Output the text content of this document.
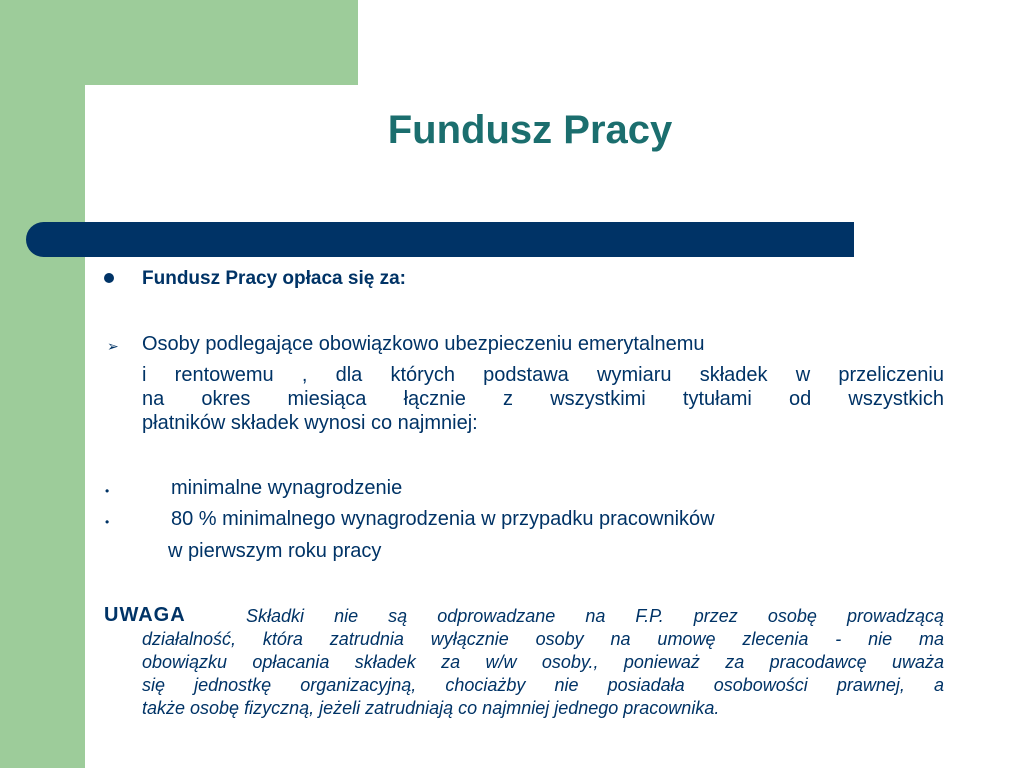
Fundusz Pracy
Fundusz Pracy opłaca się za:
➢ Osoby podlegające obowiązkowo ubezpieczeniu emerytalnemu
i rentowemu , dla których podstawa wymiaru składek w przeliczeniu
na okres miesiąca łącznie z wszystkimi tytułami od wszystkich
płatników składek wynosi co najmniej:
•	minimalne wynagrodzenie
•	80 % minimalnego wynagrodzenia w przypadku pracowników
w pierwszym roku pracy
UWAGA	Składki nie są odprowadzane na F.P. przez osobę prowadzącą
działalność, która zatrudnia wyłącznie osoby na umowę zlecenia - nie ma
obowiązku opłacania składek za w/w osoby., ponieważ za pracodawcę uważa
się jednostkę organizacyjną, chociażby nie posiadała osobowości prawnej, a
także osobę fizyczną, jeżeli zatrudniają co najmniej jednego pracownika.
